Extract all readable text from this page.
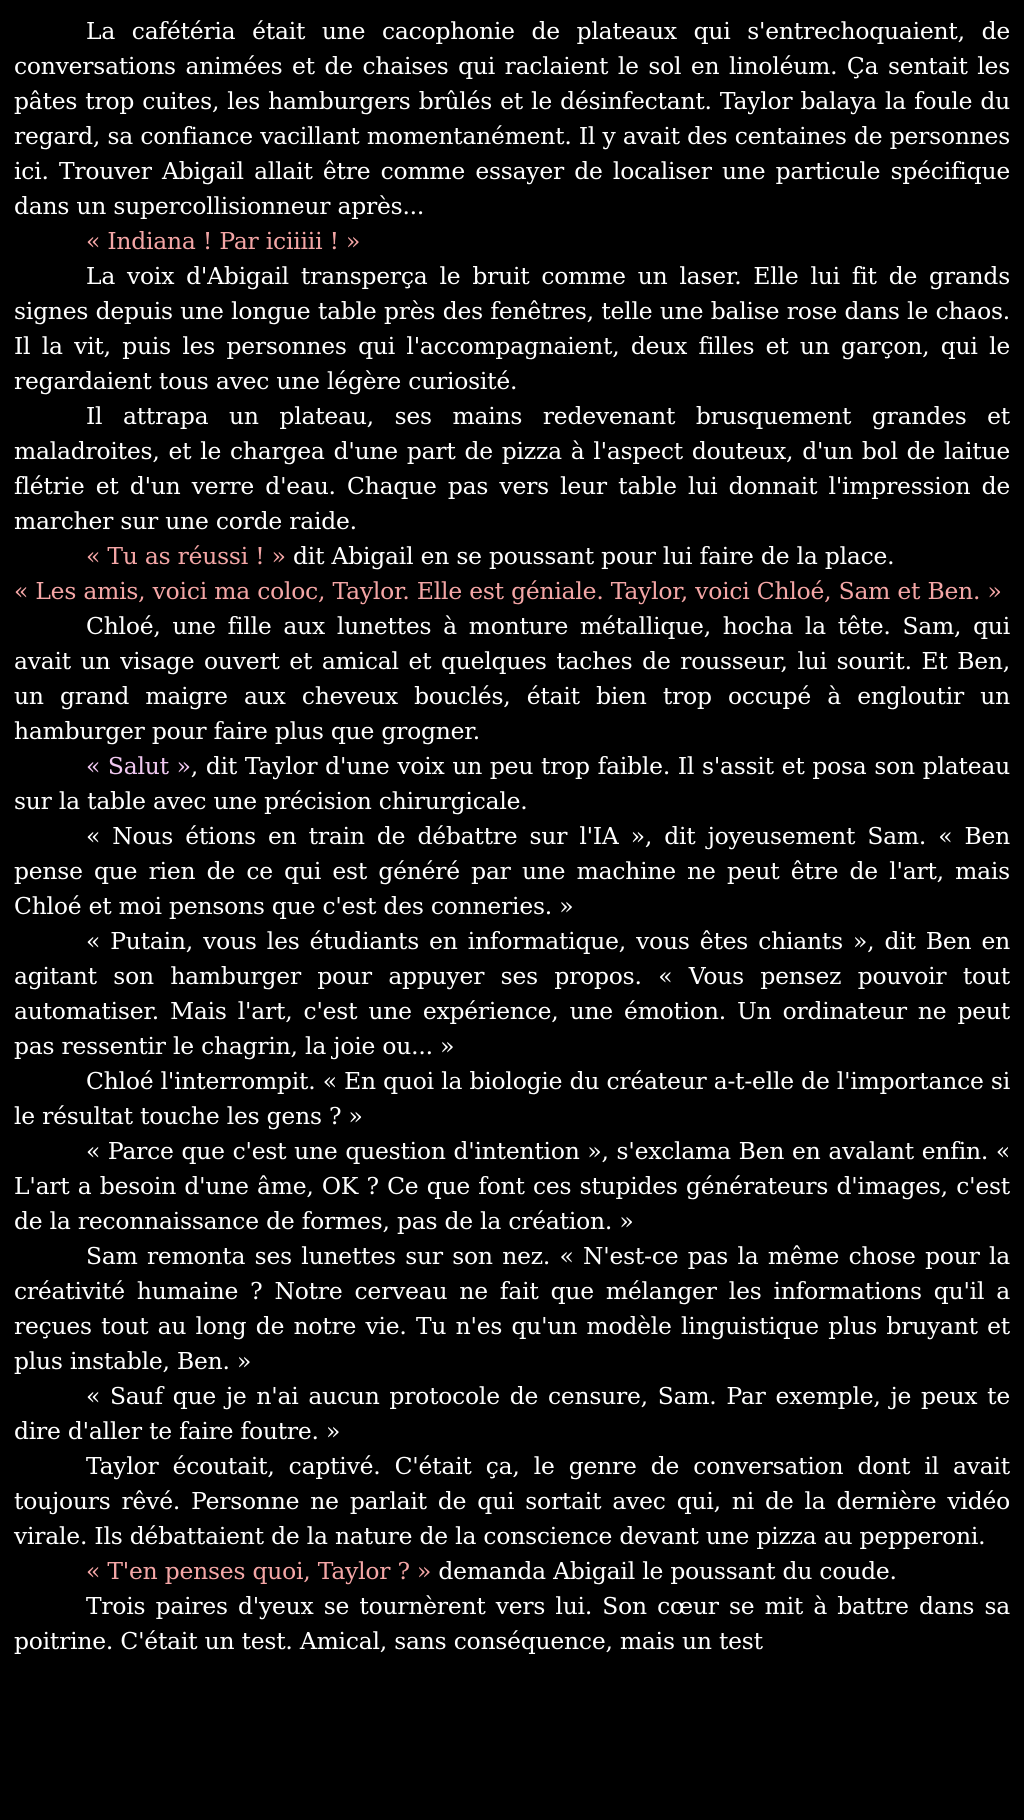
La cafétéria était une cacophonie de plateaux qui s'entrechoquaient, de conversations animées et de chaises qui raclaient le sol en linoléum. Ça sentait les pâtes trop cuites, les hamburgers brûlés et le désinfectant. Taylor balaya la foule du regard, sa confiance vacillant momentanément. Il y avait des centaines de personnes ici. Trouver Abigail allait être comme essayer de localiser une particule spécifique dans un supercollisionneur après...

« Indiana ! Par iciiiii ! »

La voix d'Abigail transperça le bruit comme un laser. Elle lui fit de grands signes depuis une longue table près des fenêtres, telle une balise rose dans le chaos. Il la vit, puis les personnes qui l'accompagnaient, deux filles et un garçon, qui le regardaient tous avec une légère curiosité.

Il attrapa un plateau, ses mains redevenant brusquement grandes et maladroites, et le chargea d'une part de pizza à l'aspect douteux, d'un bol de laitue flétrie et d'un verre d'eau. Chaque pas vers leur table lui donnait l'impression de marcher sur une corde raide.

« Tu as réussi ! » dit Abigail en se poussant pour lui faire de la place.

« Les amis, voici ma coloc, Taylor. Elle est géniale. Taylor, voici Chloé, Sam et Ben. »

Chloé, une fille aux lunettes à monture métallique, hocha la tête. Sam, qui avait un visage ouvert et amical et quelques taches de rousseur, lui sourit. Et Ben, un grand maigre aux cheveux bouclés, était bien trop occupé à engloutir un hamburger pour faire plus que grogner.

« Salut », dit Taylor d'une voix un peu trop faible. Il s'assit et posa son plateau sur la table avec une précision chirurgicale.

« Nous étions en train de débattre sur l'IA », dit joyeusement Sam. « Ben pense que rien de ce qui est généré par une machine ne peut être de l'art, mais Chloé et moi pensons que c'est des conneries. »

« Putain, vous les étudiants en informatique, vous êtes chiants », dit Ben en agitant son hamburger pour appuyer ses propos. « Vous pensez pouvoir tout automatiser. Mais l'art, c'est une expérience, une émotion. Un ordinateur ne peut pas ressentir le chagrin, la joie ou... »

Chloé l'interrompit. « En quoi la biologie du créateur a-t-elle de l'importance si le résultat touche les gens ? »

« Parce que c'est une question d'intention », s'exclama Ben en avalant enfin. « L'art a besoin d'une âme, OK ? Ce que font ces stupides générateurs d'images, c'est de la reconnaissance de formes, pas de la création. »

Sam remonta ses lunettes sur son nez. « N'est-ce pas la même chose pour la créativité humaine ? Notre cerveau ne fait que mélanger les informations qu'il a reçues tout au long de notre vie. Tu n'es qu'un modèle linguistique plus bruyant et plus instable, Ben. »

« Sauf que je n'ai aucun protocole de censure, Sam. Par exemple, je peux te dire d'aller te faire foutre. »

Taylor écoutait, captivé. C'était ça, le genre de conversation dont il avait toujours rêvé. Personne ne parlait de qui sortait avec qui, ni de la dernière vidéo virale. Ils débattaient de la nature de la conscience devant une pizza au pepperoni.

« T'en penses quoi, Taylor ? » demanda Abigail le poussant du coude.

Trois paires d'yeux se tournèrent vers lui. Son cœur se mit à battre dans sa poitrine. C'était un test. Amical, sans conséquence, mais un test
